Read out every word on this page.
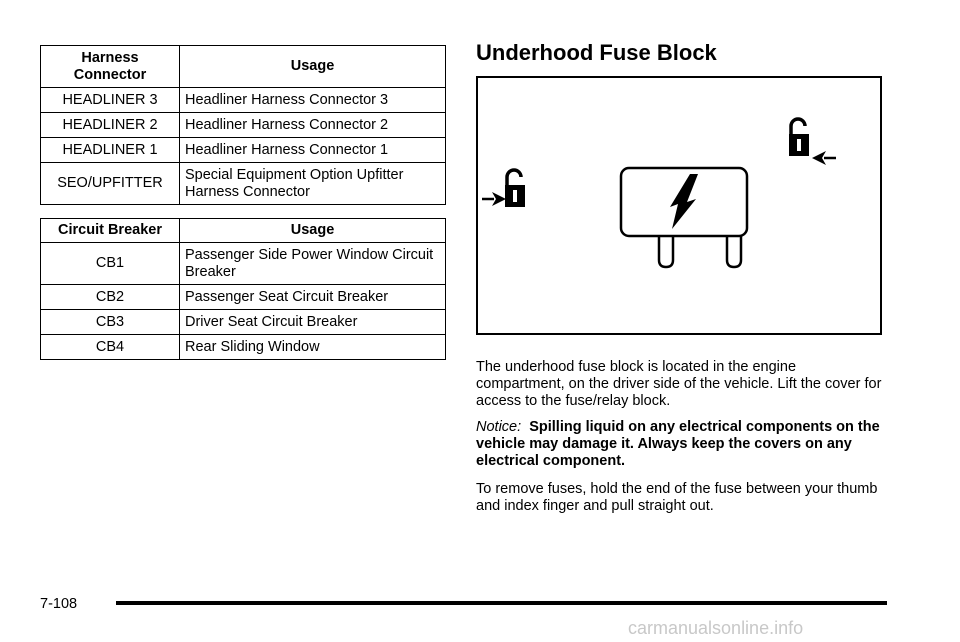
Harness Connector	Usage
HEADLINER 3	Headliner Harness Connector 3
HEADLINER 2	Headliner Harness Connector 2
HEADLINER 1	Headliner Harness Connector 1
SEO/UPFITTER	Special Equipment Option Upfitter Harness Connector
Circuit Breaker	Usage
CB1	Passenger Side Power Window Circuit Breaker
CB2	Passenger Seat Circuit Breaker
CB3	Driver Seat Circuit Breaker
CB4	Rear Sliding Window
Underhood Fuse Block

The underhood fuse block is located in the engine compartment, on the driver side of the vehicle. Lift the cover for access to the fuse/relay block.

Notice: Spilling liquid on any electrical components on the vehicle may damage it. Always keep the covers on any electrical component.

To remove fuses, hold the end of the fuse between your thumb and index finger and pull straight out.

7-108
carmanualsonline.info
